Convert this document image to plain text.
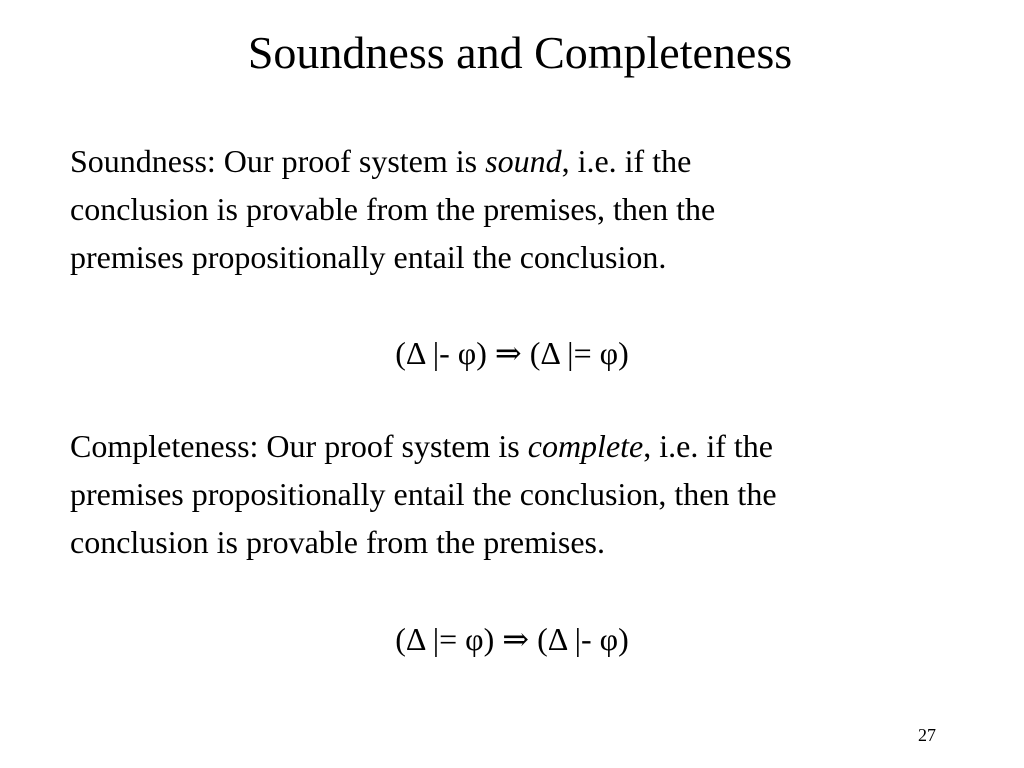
Soundness and Completeness
Soundness: Our proof system is sound, i.e. if the
conclusion is provable from the premises, then the
premises propositionally entail the conclusion.
(Δ |- φ) ⇒ (Δ |= φ)
Completeness: Our proof system is complete, i.e. if the
premises propositionally entail the conclusion, then the
conclusion is provable from the premises.
(Δ |= φ) ⇒ (Δ |- φ)
27
